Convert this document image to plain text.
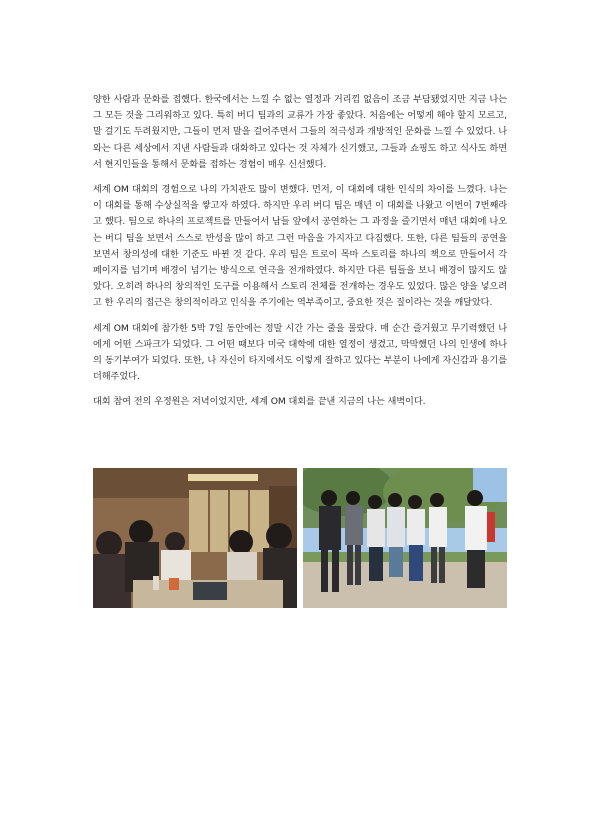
양한 사람과 문화를 접했다. 한국에서는 느낄 수 없는 열정과 거리낌 없음이 조금 부담됐었지만 지금 나는 그 모든 것을 그리워하고 있다. 특히 버디 팀과의 교류가 가장 좋았다. 처음에는 어떻게 해야 할지 모르고, 말 걸기도 두려웠지만, 그들이 먼저 말을 걸어주면서 그들의 적극성과 개방적인 문화를 느낄 수 있었다. 나와는 다른 세상에서 지낸 사람들과 대화하고 있다는 것 자체가 신기했고, 그들과 쇼핑도 하고 식사도 하면서 현지인들을 통해서 문화를 접하는 경험이 매우 신선했다.

세계 OM 대회의 경험으로 나의 가치관도 많이 변했다. 먼저, 이 대회에 대한 인식의 차이를 느꼈다. 나는 이 대회를 통해 수상실적을 쌓고자 하였다. 하지만 우리 버디 팀은 매년 이 대회를 나왔고 이번이 7번째라고 했다. 팀으로 하나의 프로젝트를 만들어서 남들 앞에서 공연하는 그 과정을 즐기면서 매년 대회에 나오는 버디 팀을 보면서 스스로 반성을 많이 하고 그런 마음을 가지자고 다짐했다. 또한, 다른 팀들의 공연을 보면서 창의성에 대한 기준도 바뀐 것 같다. 우리 팀은 트로이 목마 스토리를 하나의 책으로 만들어서 각 페이지를 넘기며 배경이 넘기는 방식으로 연극을 전개하였다. 하지만 다른 팀들을 보니 배경이 많지도 않았다. 오히려 하나의 창의적인 도구를 이용해서 스토리 전체를 전개하는 경우도 있었다. 많은 양을 넣으려고 한 우리의 접근은 창의적이라고 인식을 주기에는 역부족이고, 중요한 것은 질이라는 것을 깨달았다.

세계 OM 대회에 참가한 5박 7일 동안에는 정말 시간 가는 줄을 몰랐다. 매 순간 즐거웠고 무기력했던 나에게 어떤 스파크가 되었다. 그 어떤 때보다 미국 대학에 대한 열정이 생겼고, 막막했던 나의 인생에 하나의 동기부여가 되었다. 또한, 나 자신이 타지에서도 이렇게 잘하고 있다는 부분이 나에게 자신감과 용기를 더해주었다.

대회 참여 전의 우정원은 저녁이었지만, 세계 OM 대회를 끝낸 지금의 나는 새벽이다.
